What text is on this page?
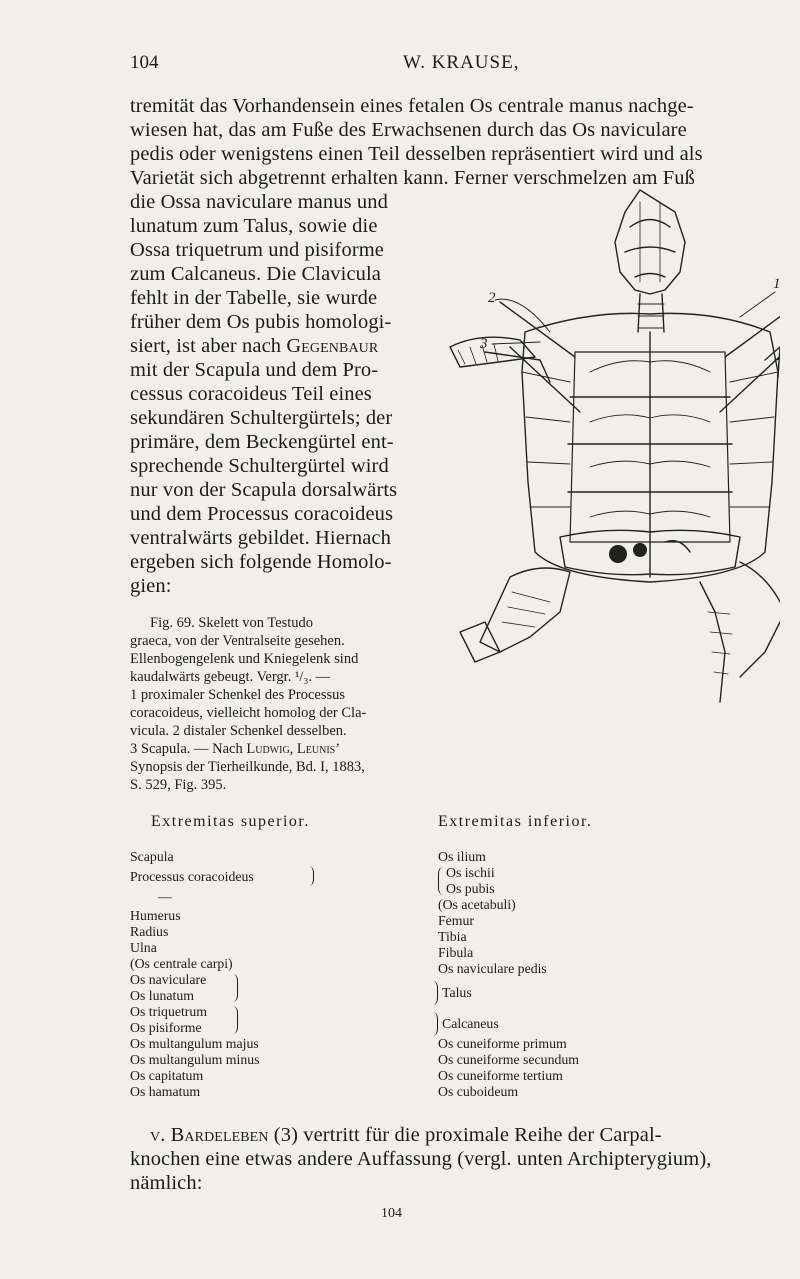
104	W. KRAUSE,
tremität das Vorhandensein eines fetalen Os centrale manus nachge-
wiesen hat, das am Fuße des Erwachsenen durch das Os naviculare
pedis oder wenigstens einen Teil desselben repräsentiert wird und als
Varietät sich abgetrennt erhalten kann. Ferner verschmelzen am Fuß
die Ossa naviculare manus und
lunatum zum Talus, sowie die
Ossa triquetrum und pisiforme
zum Calcaneus. Die Clavicula
fehlt in der Tabelle, sie wurde
früher dem Os pubis homologi-
siert, ist aber nach Gegenbaur
mit der Scapula und dem Pro-
cessus coracoideus Teil eines
sekundären Schultergürtels; der
primäre, dem Beckengürtel ent-
sprechende Schultergürtel wird
nur von der Scapula dorsalwärts
und dem Processus coracoideus
ventralwärts gebildet. Hiernach
ergeben sich folgende Homolo-
gien:
Fig. 69. Skelett von Testudo
graeca, von der Ventralseite gesehen.
Ellenbogengelenk und Kniegelenk sind
kaudalwärts gebeugt. Vergr. ¹/₃. —
1 proximaler Schenkel des Processus
coracoideus, vielleicht homolog der Cla-
vicula. 2 distaler Schenkel desselben.
3 Scapula. — Nach Ludwig, Leunis’
Synopsis der Tierheilkunde, Bd. I, 1883,
S. 529, Fig. 395.
2
1
3
Extremitas superior.	Extremitas inferior.
Scapula
Processus coracoideus
—
Humerus
Radius
Ulna
(Os centrale carpi)
Os naviculare
Os lunatum
Os triquetrum
Os pisiforme
Os multangulum majus
Os multangulum minus
Os capitatum
Os hamatum
Os ilium
Os ischii
Os pubis
(Os acetabuli)
Femur
Tibia
Fibula
Os naviculare pedis
Talus
Calcaneus
Os cuneiforme primum
Os cuneiforme secundum
Os cuneiforme tertium
Os cuboideum
v. Bardeleben (3) vertritt für die proximale Reihe der Carpal-
knochen eine etwas andere Auffassung (vergl. unten Archipterygium),
nämlich:
104
